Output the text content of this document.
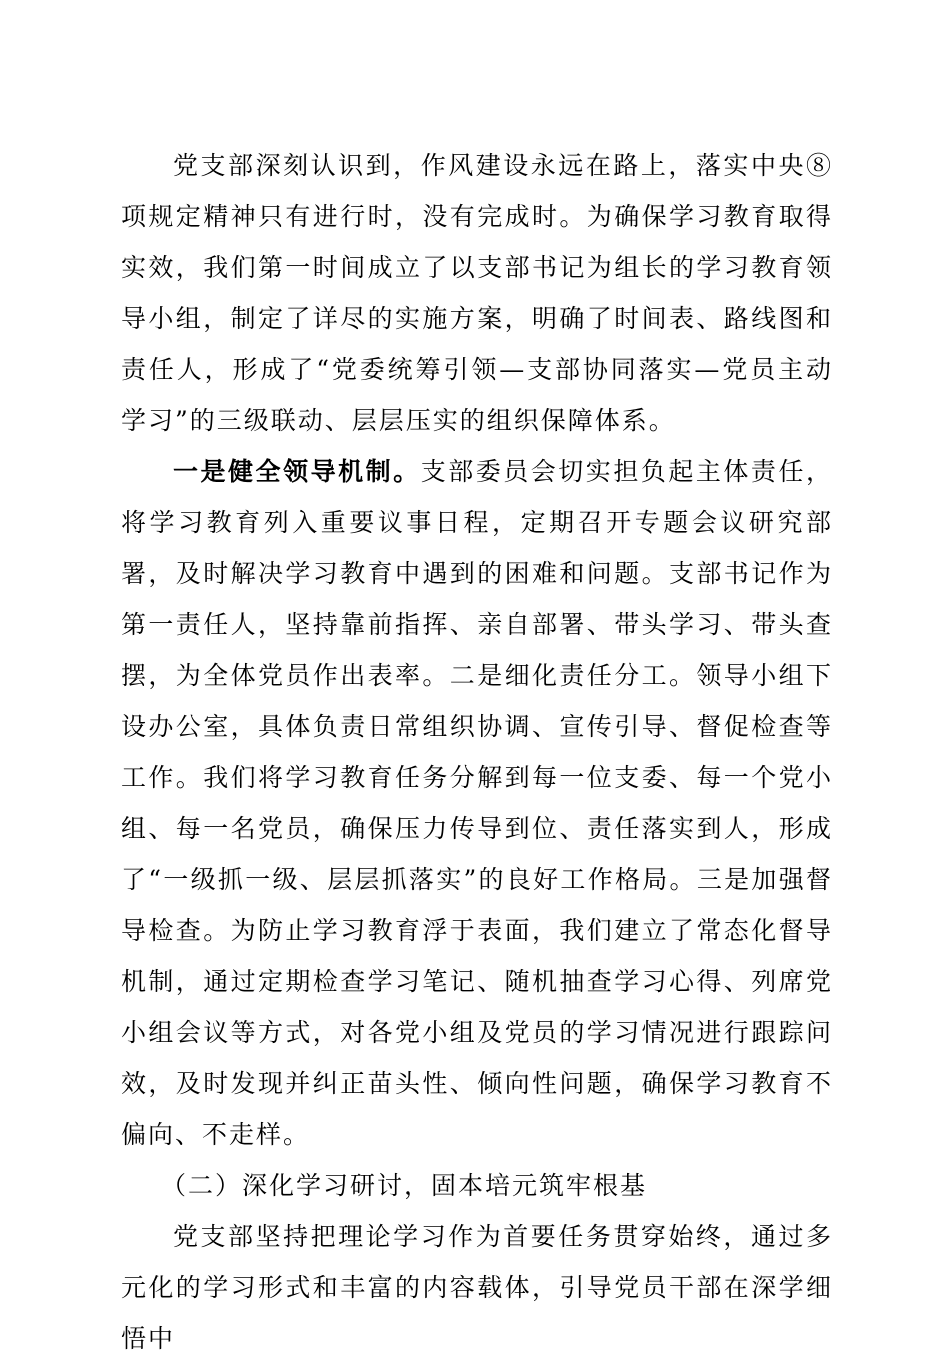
党支部深刻认识到，作风建设永远在路上，落实中央⑧项规定精神只有进行时，没有完成时。为确保学习教育取得实效，我们第一时间成立了以支部书记为组长的学习教育领导小组，制定了详尽的实施方案，明确了时间表、路线图和责任人，形成了“党委统筹引领—支部协同落实—党员主动学习”的三级联动、层层压实的组织保障体系。

一是健全领导机制。支部委员会切实担负起主体责任，将学习教育列入重要议事日程，定期召开专题会议研究部署，及时解决学习教育中遇到的困难和问题。支部书记作为第一责任人，坚持靠前指挥、亲自部署、带头学习、带头查摆，为全体党员作出表率。二是细化责任分工。领导小组下设办公室，具体负责日常组织协调、宣传引导、督促检查等工作。我们将学习教育任务分解到每一位支委、每一个党小组、每一名党员，确保压力传导到位、责任落实到人，形成了“一级抓一级、层层抓落实”的良好工作格局。三是加强督导检查。为防止学习教育浮于表面，我们建立了常态化督导机制，通过定期检查学习笔记、随机抽查学习心得、列席党小组会议等方式，对各党小组及党员的学习情况进行跟踪问效，及时发现并纠正苗头性、倾向性问题，确保学习教育不偏向、不走样。

（二）深化学习研讨，固本培元筑牢根基

党支部坚持把理论学习作为首要任务贯穿始终，通过多元化的学习形式和丰富的内容载体，引导党员干部在深学细悟中
